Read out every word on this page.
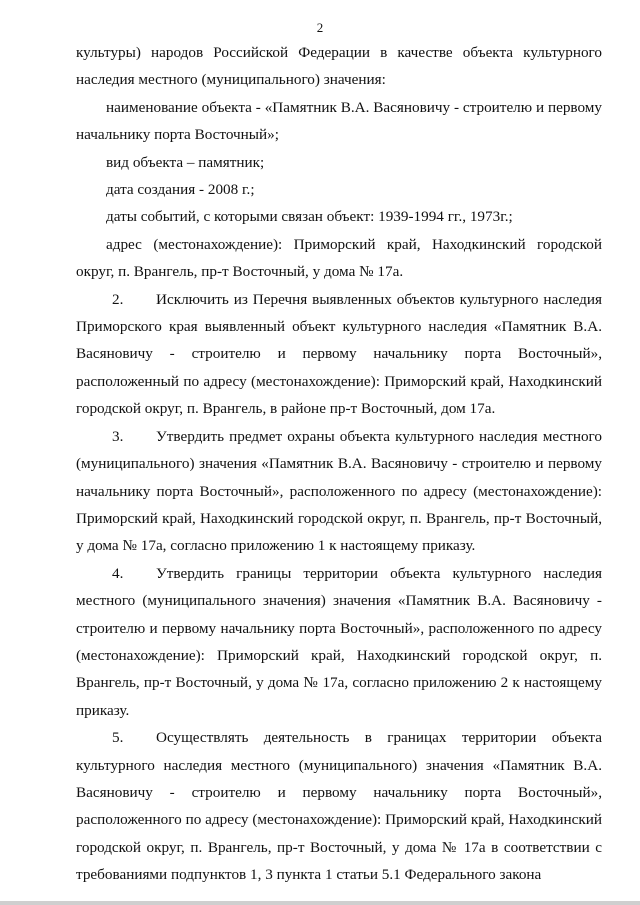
2

культуры) народов Российской Федерации в качестве объекта культурного наследия местного (муниципального) значения:

наименование объекта - «Памятник В.А. Васяновичу - строителю и первому начальнику порта Восточный»;

вид объекта – памятник;

дата создания - 2008 г.;

даты событий, с которыми связан объект: 1939-1994 гг., 1973г.;

адрес (местонахождение): Приморский край, Находкинский городской округ, п. Врангель, пр-т Восточный, у дома № 17а.

2. Исключить из Перечня выявленных объектов культурного наследия Приморского края выявленный объект культурного наследия «Памятник В.А. Васяновичу - строителю и первому начальнику порта Восточный», расположенный по адресу (местонахождение): Приморский край, Находкинский городской округ, п. Врангель, в районе пр-т Восточный, дом 17а.

3. Утвердить предмет охраны объекта культурного наследия местного (муниципального) значения «Памятник В.А. Васяновичу - строителю и первому начальнику порта Восточный», расположенного по адресу (местонахождение): Приморский край, Находкинский городской округ, п. Врангель, пр-т Восточный, у дома № 17а, согласно приложению 1 к настоящему приказу.

4. Утвердить границы территории объекта культурного наследия местного (муниципального значения) значения «Памятник В.А. Васяновичу - строителю и первому начальнику порта Восточный», расположенного по адресу (местонахождение): Приморский край, Находкинский городской округ, п. Врангель, пр-т Восточный, у дома № 17а, согласно приложению 2 к настоящему приказу.

5. Осуществлять деятельность в границах территории объекта культурного наследия местного (муниципального) значения «Памятник В.А. Васяновичу - строителю и первому начальнику порта Восточный», расположенного по адресу (местонахождение): Приморский край, Находкинский городской округ, п. Врангель, пр-т Восточный, у дома № 17а в соответствии с требованиями подпунктов 1, 3 пункта 1 статьи 5.1 Федерального закона
